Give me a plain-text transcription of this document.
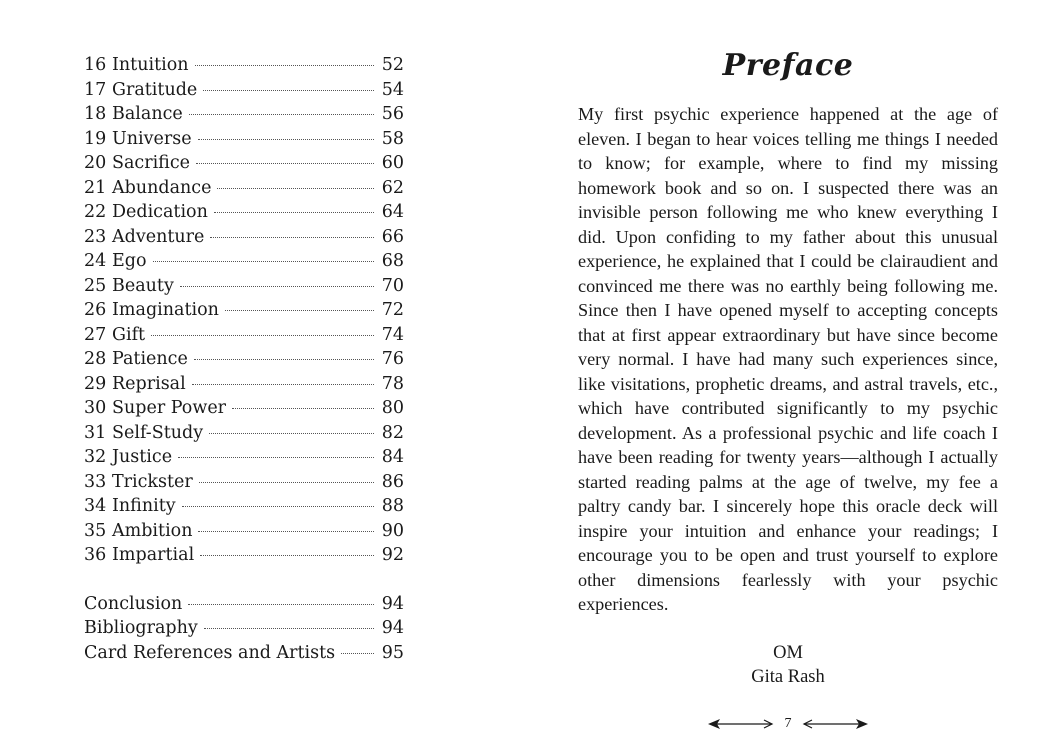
16 Intuition	52
17 Gratitude	54
18 Balance	56
19 Universe	58
20 Sacrifice	60
21 Abundance	62
22 Dedication	64
23 Adventure	66
24 Ego	68
25 Beauty	70
26 Imagination	72
27 Gift	74
28 Patience	76
29 Reprisal	78
30 Super Power	80
31 Self-Study	82
32 Justice	84
33 Trickster	86
34 Infinity	88
35 Ambition	90
36 Impartial	92
Conclusion	94
Bibliography	94
Card References and Artists	95
Preface

My first psychic experience happened at the age of eleven. I began to hear voices telling me things I needed to know; for example, where to find my missing homework book and so on. I suspected there was an invisible person following me who knew everything I did. Upon confiding to my father about this unusual experience, he explained that I could be clairaudient and convinced me there was no earthly being following me. Since then I have opened myself to accepting concepts that at first appear extraordinary but have since become very normal. I have had many such experiences since, like visitations, prophetic dreams, and astral travels, etc., which have contributed significantly to my psychic development. As a professional psychic and life coach I have been reading for twenty years—although I actually started reading palms at the age of twelve, my fee a paltry candy bar. I sincerely hope this oracle deck will inspire your intuition and enhance your readings; I encourage you to be open and trust yourself to explore other dimensions fearlessly with your psychic experiences.

OM
Gita Rash
7
